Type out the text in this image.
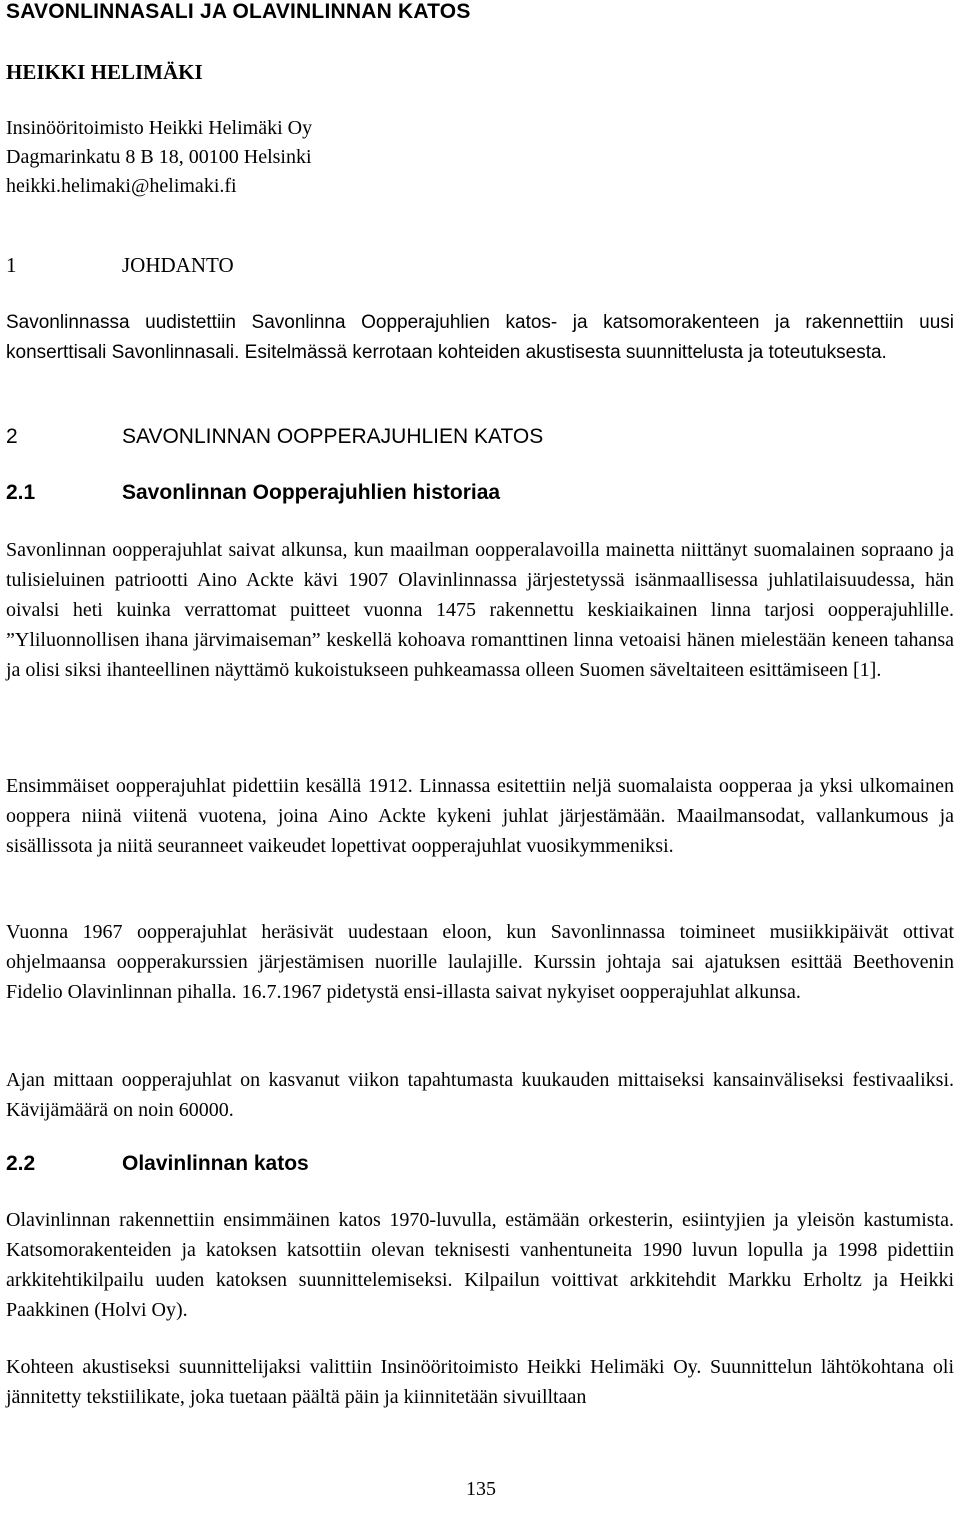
SAVONLINNASALI JA OLAVINLINNAN KATOS
HEIKKI HELIMÄKI
Insinööritoimisto Heikki Helimäki Oy
Dagmarinkatu 8 B 18, 00100 Helsinki
heikki.helimaki@helimaki.fi
1	JOHDANTO

Savonlinnassa uudistettiin Savonlinna Oopperajuhlien katos- ja katsomorakenteen ja rakennettiin uusi konserttisali Savonlinnasali. Esitelmässä kerrotaan kohteiden akustisesta suunnittelusta ja toteutuksesta.

2	SAVONLINNAN OOPPERAJUHLIEN KATOS
2.1	Savonlinnan Oopperajuhlien historiaa

Savonlinnan oopperajuhlat saivat alkunsa, kun maailman oopperalavoilla mainetta niittänyt suomalainen sopraano ja tulisieluinen patriootti Aino Ackte kävi 1907 Olavinlinnassa järjestetyssä isänmaallisessa juhlatilaisuudessa, hän oivalsi heti kuinka verrattomat puitteet vuonna 1475 rakennettu keskiaikainen linna tarjosi oopperajuhlille. ”Yliluonnollisen ihana järvimaiseman” keskellä kohoava romanttinen linna vetoaisi hänen mielestään keneen tahansa ja olisi siksi ihanteellinen näyttämö kukoistukseen puhkeamassa olleen Suomen säveltaiteen esittämiseen [1].

Ensimmäiset oopperajuhlat pidettiin kesällä 1912. Linnassa esitettiin neljä suomalaista oopperaa ja yksi ulkomainen ooppera niinä viitenä vuotena, joina Aino Ackte kykeni juhlat järjestämään. Maailmansodat, vallankumous ja sisällissota ja niitä seuranneet vaikeudet lopettivat oopperajuhlat vuosikymmeniksi.

Vuonna 1967 oopperajuhlat heräsivät uudestaan eloon, kun Savonlinnassa toimineet musiikkipäivät ottivat ohjelmaansa oopperakurssien järjestämisen nuorille laulajille. Kurssin johtaja sai ajatuksen esittää Beethovenin Fidelio Olavinlinnan pihalla. 16.7.1967 pidetystä ensi-illasta saivat nykyiset oopperajuhlat alkunsa.

Ajan mittaan oopperajuhlat on kasvanut viikon tapahtumasta kuukauden mittaiseksi kansainväliseksi festivaaliksi. Kävijämäärä on noin 60000.

2.2	Olavinlinnan katos

Olavinlinnan rakennettiin ensimmäinen katos 1970-luvulla, estämään orkesterin, esiintyjien ja yleisön kastumista. Katsomorakenteiden ja katoksen katsottiin olevan teknisesti vanhentuneita 1990 luvun lopulla ja 1998 pidettiin arkkitehtikilpailu uuden katoksen suunnittelemiseksi. Kilpailun voittivat arkkitehdit Markku Erholtz ja Heikki Paakkinen (Holvi Oy).

Kohteen akustiseksi suunnittelijaksi valittiin Insinööritoimisto Heikki Helimäki Oy. Suunnittelun lähtökohtana oli jännitetty tekstiilikate, joka tuetaan päältä päin ja kiinnitetään sivuilltaan

135
